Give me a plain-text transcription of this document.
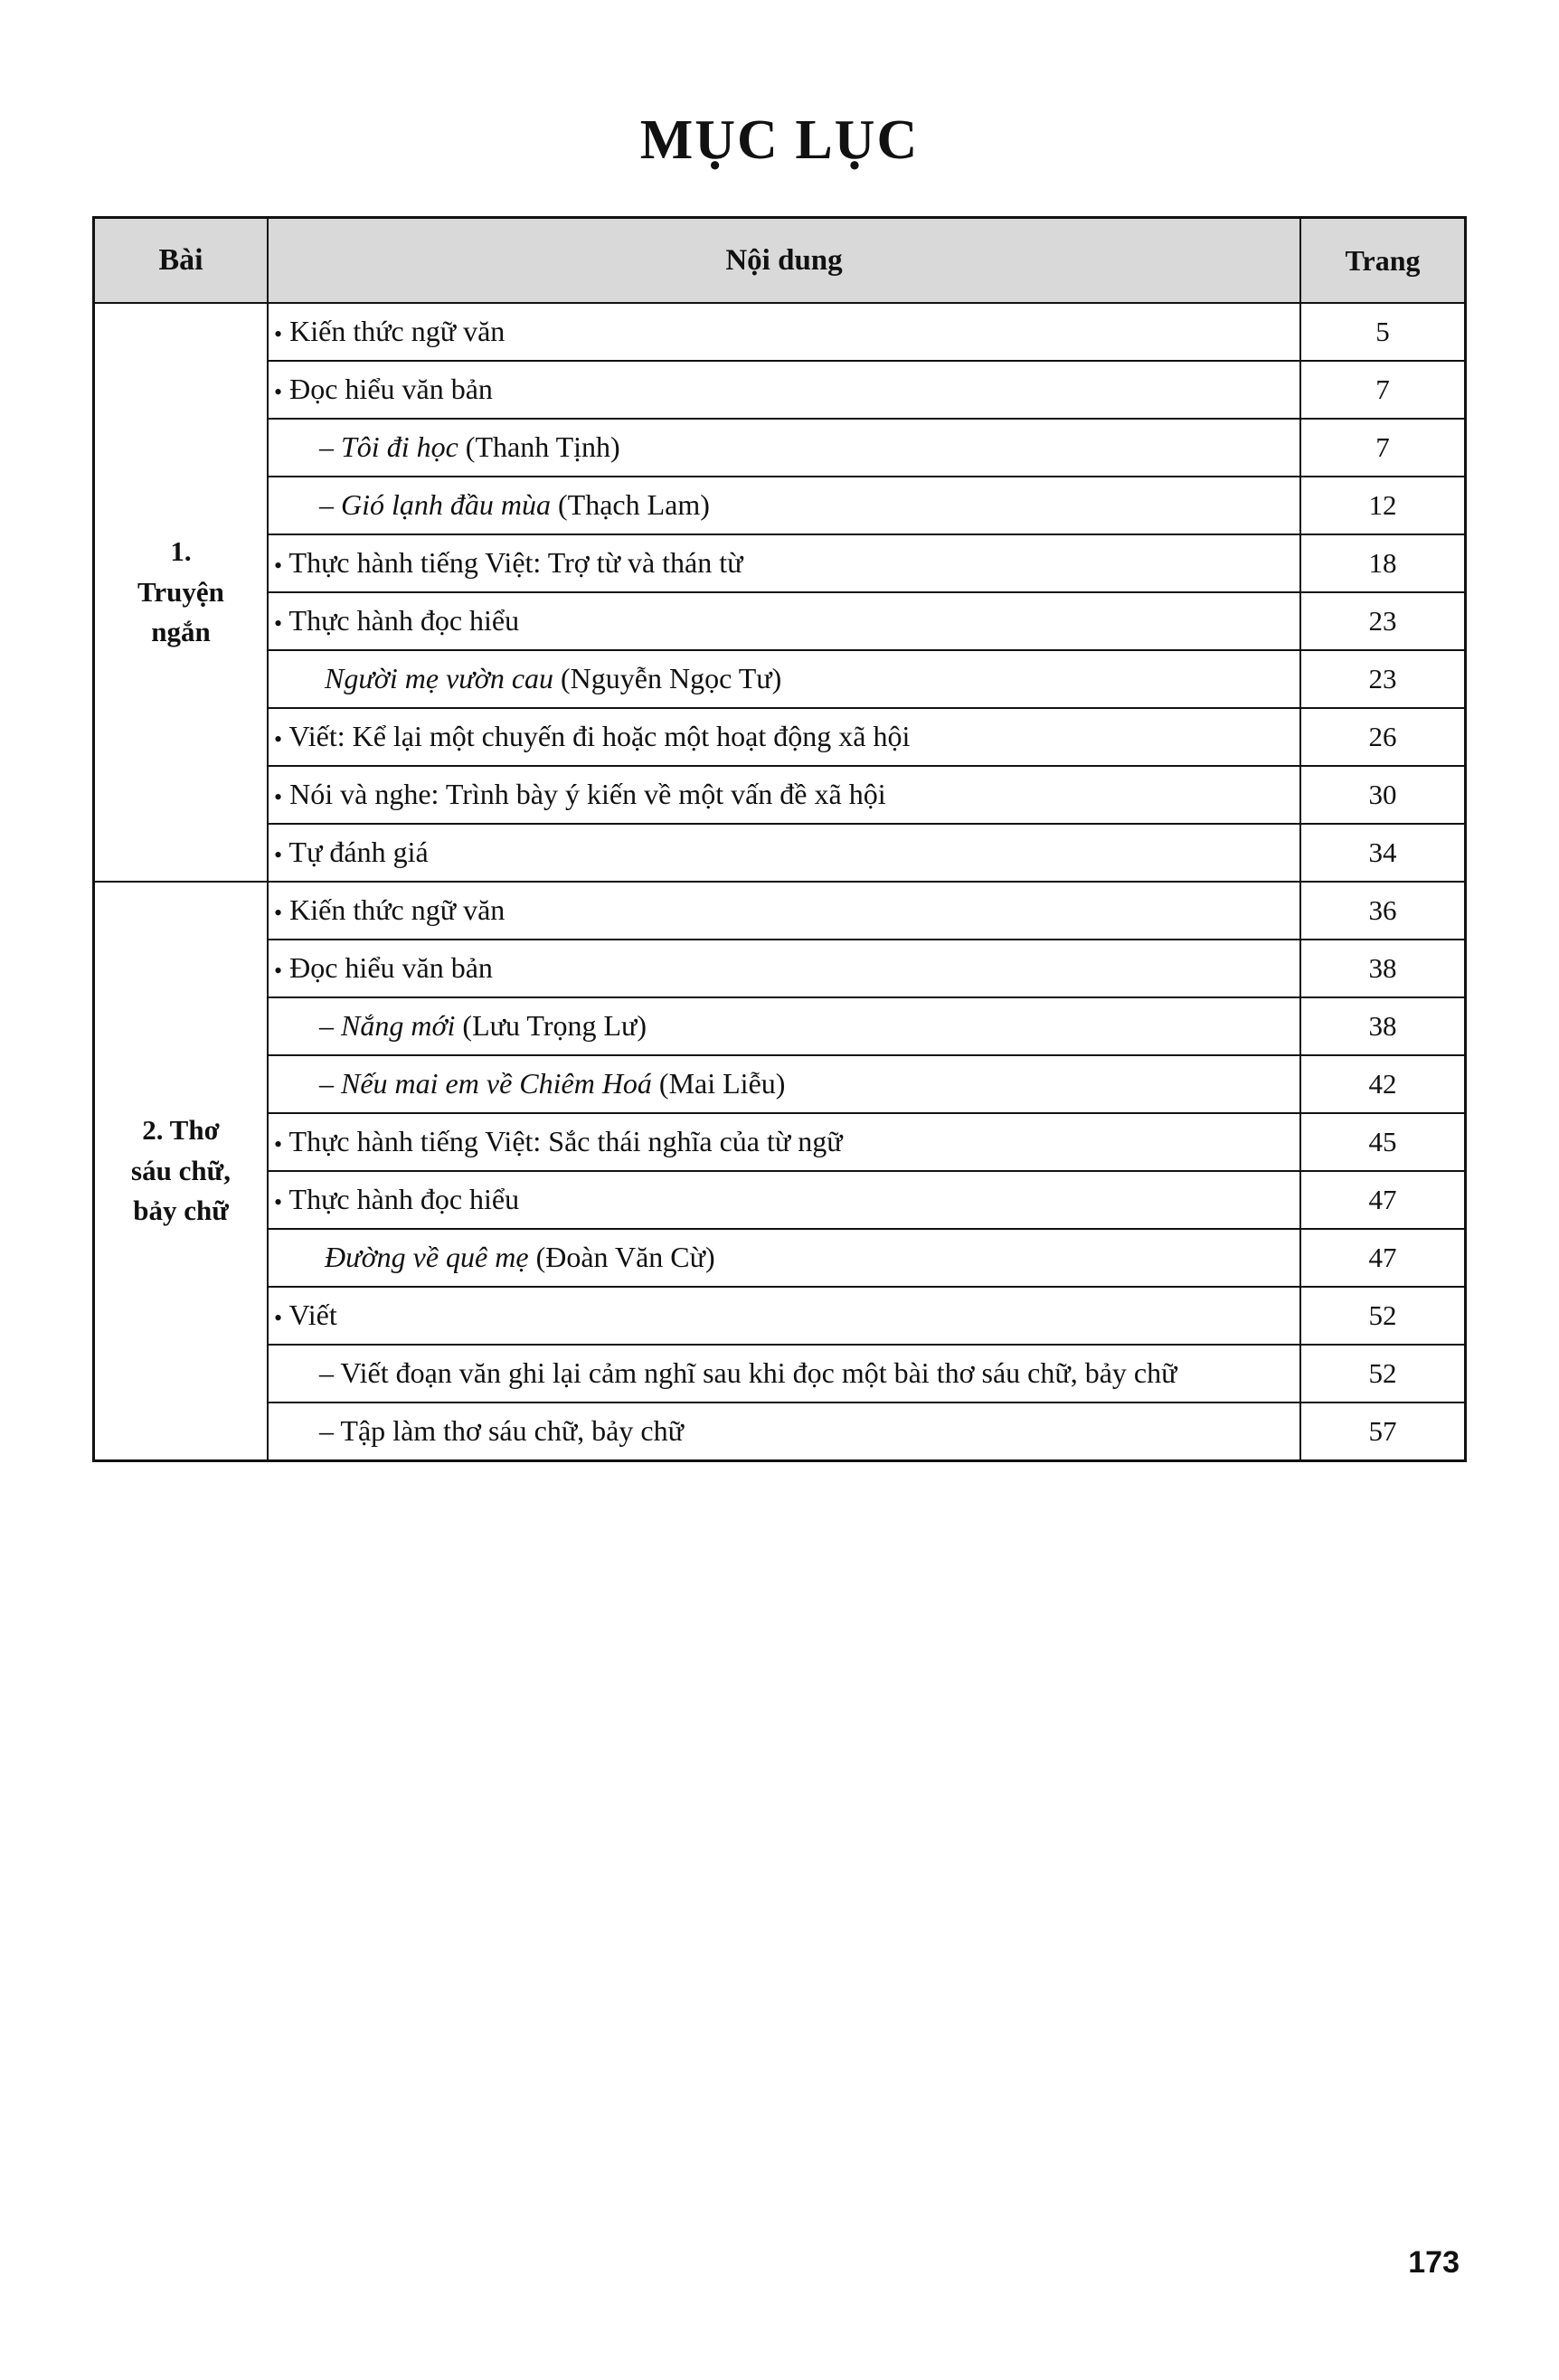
MỤC LỤC
Bài	Nội dung	Trang
1.
Truyện
ngắn	• Kiến thức ngữ văn	5

	• Đọc hiểu văn bản	7

	– Tôi đi học (Thanh Tịnh)	7

	– Gió lạnh đầu mùa (Thạch Lam)	12

	• Thực hành tiếng Việt: Trợ từ và thán từ	18

	• Thực hành đọc hiểu	23

	Người mẹ vườn cau (Nguyễn Ngọc Tư)	23

	• Viết: Kể lại một chuyến đi hoặc một hoạt động xã hội	26

	• Nói và nghe: Trình bày ý kiến về một vấn đề xã hội	30

	• Tự đánh giá	34
2. Thơ
sáu chữ,
bảy chữ	• Kiến thức ngữ văn	36

	• Đọc hiểu văn bản	38

	– Nắng mới (Lưu Trọng Lư)	38

	– Nếu mai em về Chiêm Hoá (Mai Liễu)	42

	• Thực hành tiếng Việt: Sắc thái nghĩa của từ ngữ	45

	• Thực hành đọc hiểu	47

	Đường về quê mẹ (Đoàn Văn Cừ)	47

	• Viết	52

	– Viết đoạn văn ghi lại cảm nghĩ sau khi đọc một bài thơ sáu chữ, bảy chữ	52

	– Tập làm thơ sáu chữ, bảy chữ	57
173
